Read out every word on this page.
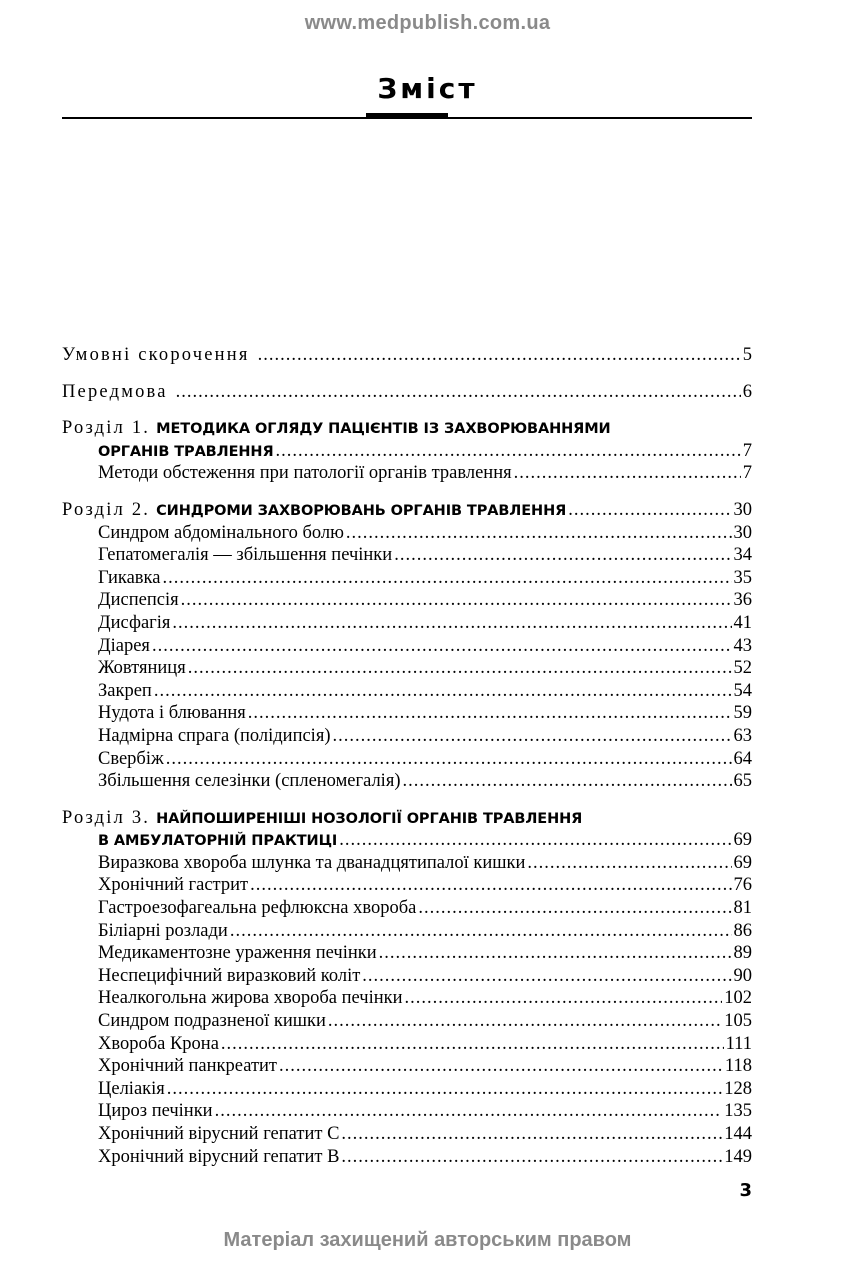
www.medpublish.com.ua
Зміст
Умовні скорочення .....	5
Передмова .....	6
Розділ 1. МЕТОДИКА ОГЛЯДУ ПАЦІЄНТІВ ІЗ ЗАХВОРЮВАННЯМИ
ОРГАНІВ ТРАВЛЕННЯ .....	7
Методи обстеження при патології органів травлення .....	7
Розділ 2. СИНДРОМИ ЗАХВОРЮВАНЬ ОРГАНІВ ТРАВЛЕННЯ .....	30
Синдром абдомінального болю .....	30
Гепатомегалія — збільшення печінки .....	34
Гикавка .....	35
Диспепсія .....	36
Дисфагія .....	41
Діарея .....	43
Жовтяниця .....	52
Закреп .....	54
Нудота і блювання .....	59
Надмірна спрага (полідипсія) .....	63
Свербіж .....	64
Збільшення селезінки (спленомегалія) .....	65
Розділ 3. НАЙПОШИРЕНІШІ НОЗОЛОГІЇ ОРГАНІВ ТРАВЛЕННЯ
В АМБУЛАТОРНІЙ ПРАКТИЦІ .....	69
Виразкова хвороба шлунка та дванадцятипалої кишки .....	69
Хронічний гастрит .....	76
Гастроезофагеальна рефлюксна хвороба .....	81
Біліарні розлади .....	86
Медикаментозне ураження печінки .....	89
Неспецифічний виразковий коліт .....	90
Неалкогольна жирова хвороба печінки .....	102
Синдром подразненої кишки .....	105
Хвороба Крона .....	111
Хронічний панкреатит .....	118
Целіакія .....	128
Цироз печінки .....	135
Хронічний вірусний гепатит С .....	144
Хронічний вірусний гепатит В .....	149
3
Матеріал захищений авторським правом
